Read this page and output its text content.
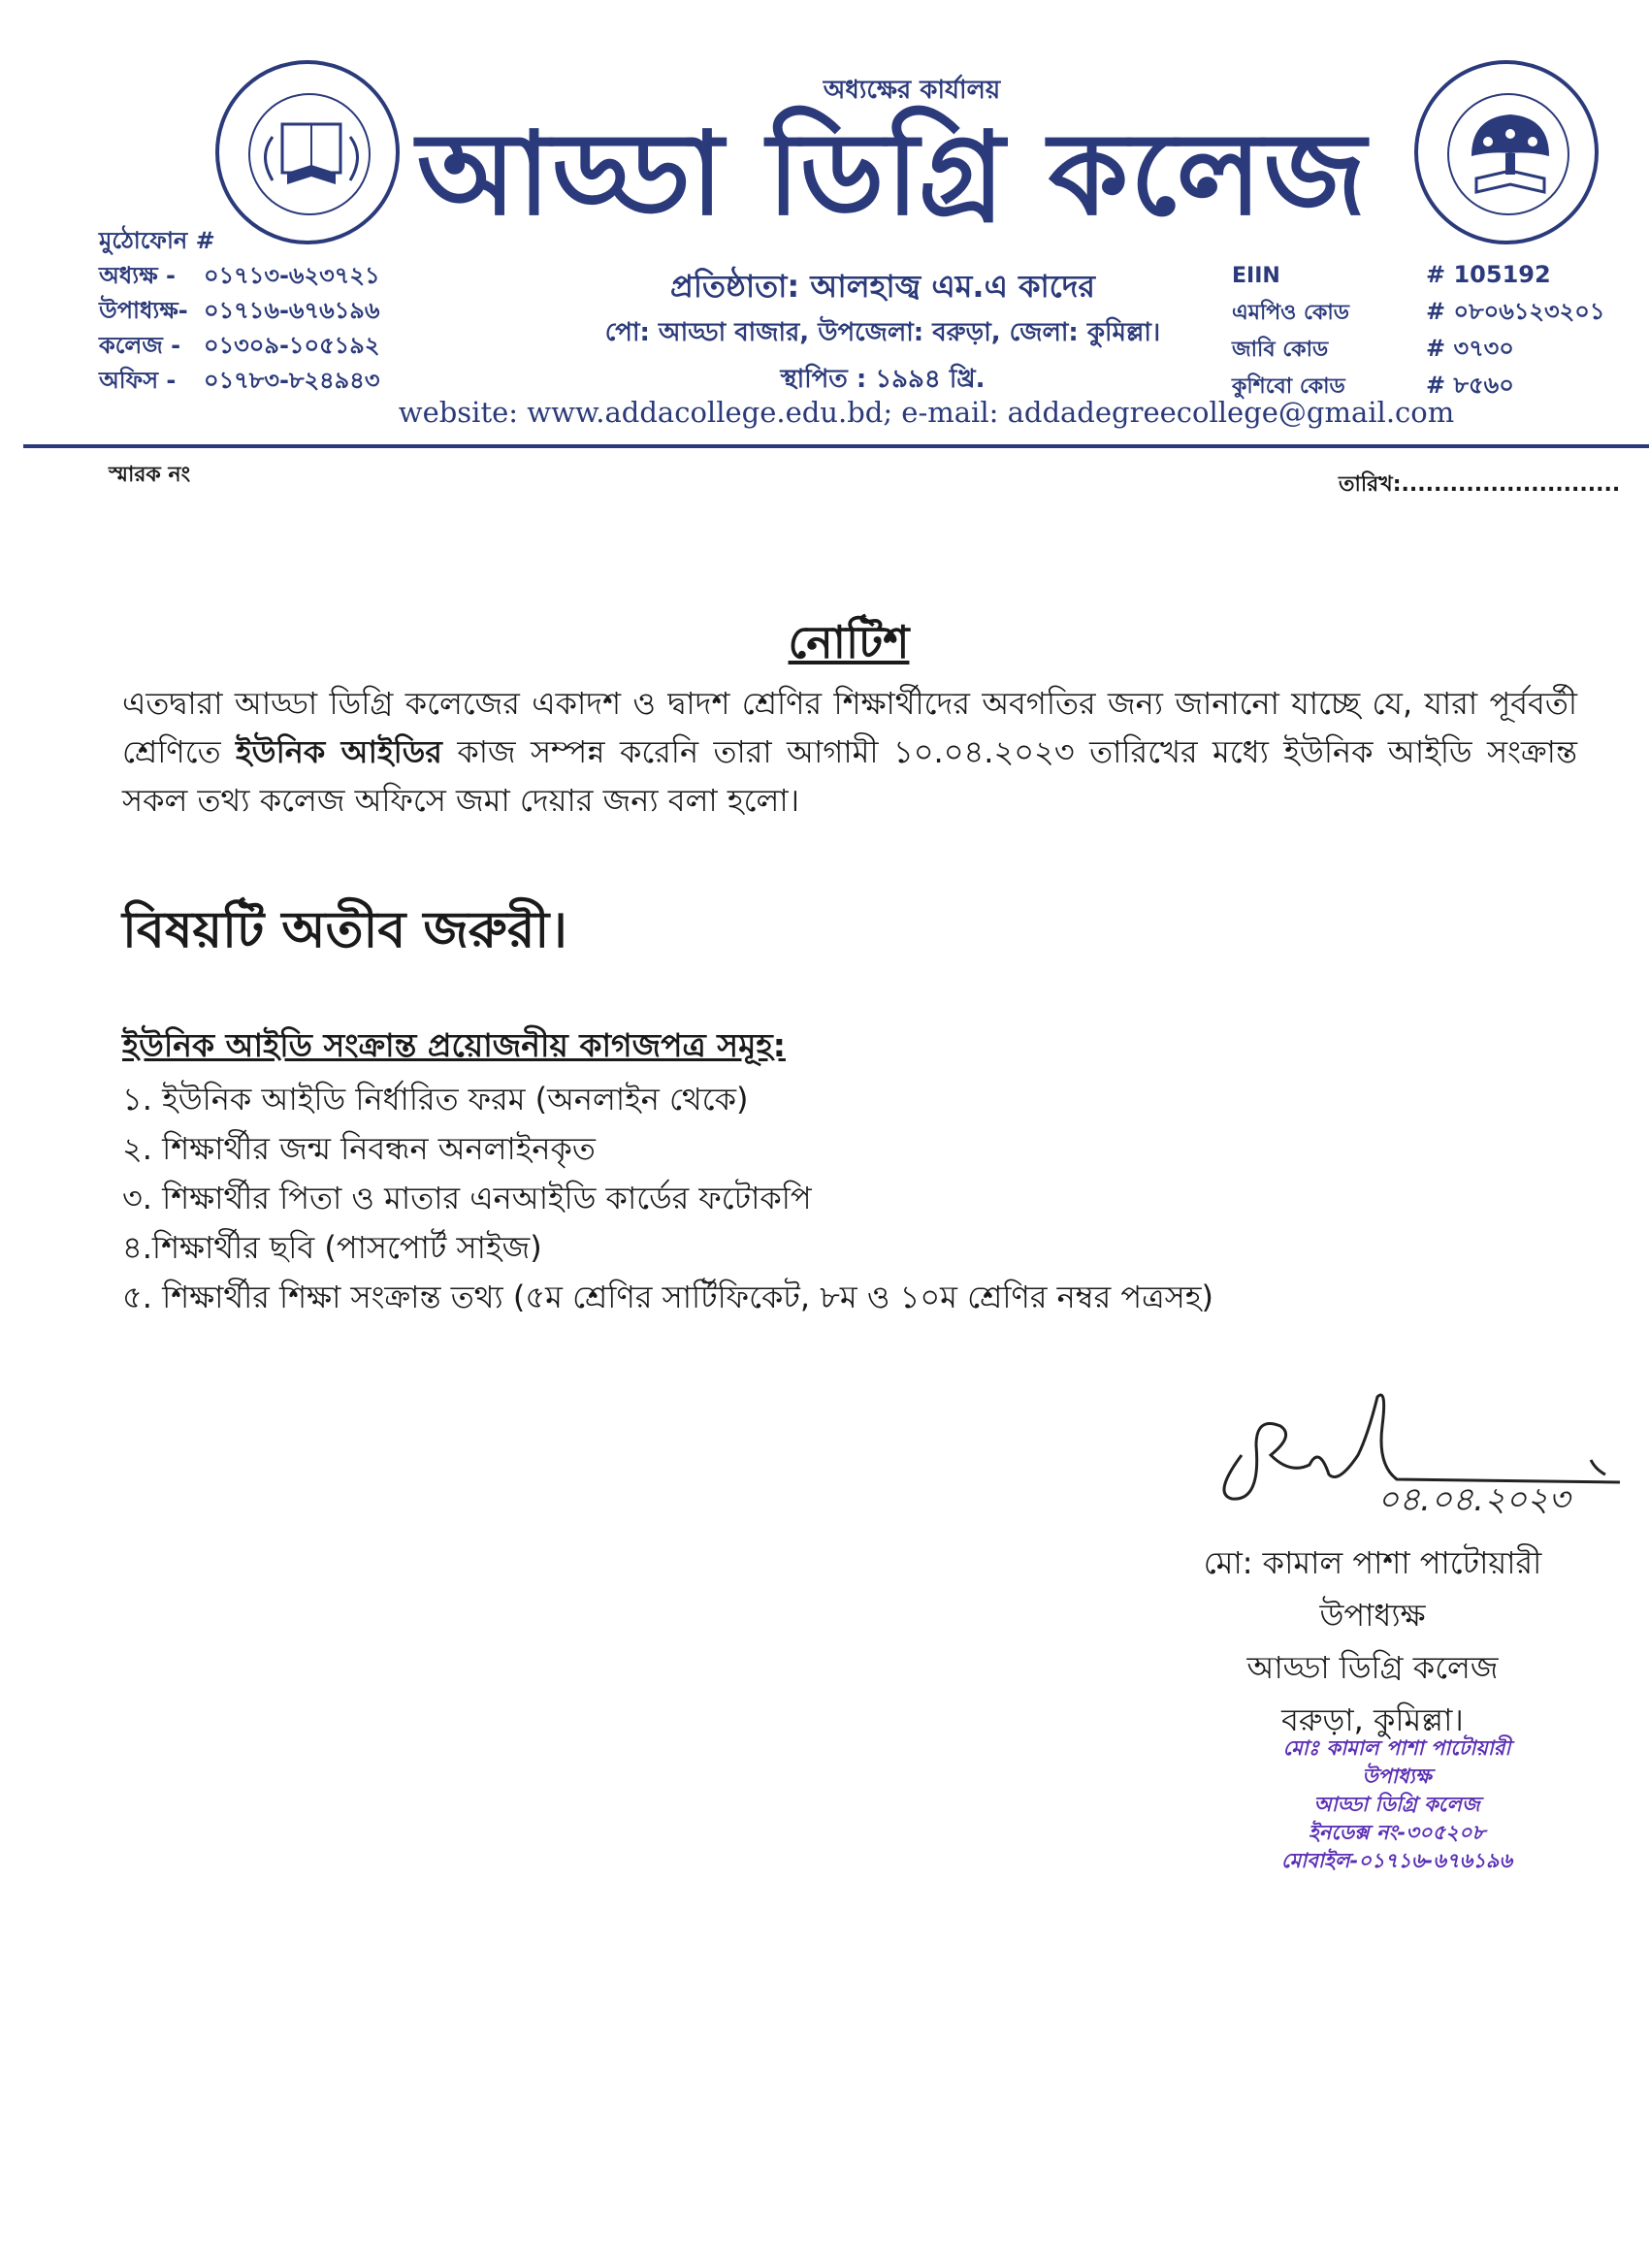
অধ্যক্ষের কার্যালয়
আড্ডা ডিগ্রি কলেজ
প্রতিষ্ঠাতা: আলহাজ্ব এম.এ কাদের
পো: আড্ডা বাজার, উপজেলা: বরুড়া, জেলা: কুমিল্লা।
স্থাপিত : ১৯৯৪ খ্রি.
website: www.addacollege.edu.bd; e-mail: addadegreecollege@gmail.com
মুঠোফোন #
অধ্যক্ষ - ০১৭১৩-৬২৩৭২১
উপাধ্যক্ষ- ০১৭১৬-৬৭৬১৯৬
কলেজ - ০১৩০৯-১০৫১৯২
অফিস - ০১৭৮৩-৮২৪৯৪৩
EIIN	# 105192
এমপিও কোড	# ০৮০৬১২৩২০১
জাবি কোড	# ৩৭৩০
কুশিবো কোড	# ৮৫৬০
স্মারক নং	তারিখ:...........................
নোটিশ
এতদ্বারা আড্ডা ডিগ্রি কলেজের একাদশ ও দ্বাদশ শ্রেণির শিক্ষার্থীদের অবগতির জন্য জানানো যাচ্ছে যে, যারা পূর্ববর্তী শ্রেণিতে ইউনিক আইডির কাজ সম্পন্ন করেনি তারা আগামী ১০.০৪.২০২৩ তারিখের মধ্যে ইউনিক আইডি সংক্রান্ত সকল তথ্য কলেজ অফিসে জমা দেয়ার জন্য বলা হলো।
বিষয়টি অতীব জরুরী।
ইউনিক আইডি সংক্রান্ত প্রয়োজনীয় কাগজপত্র সমূহ:
১. ইউনিক আইডি নির্ধারিত ফরম (অনলাইন থেকে)
২. শিক্ষার্থীর জন্ম নিবন্ধন অনলাইনকৃত
৩. শিক্ষার্থীর পিতা ও মাতার এনআইডি কার্ডের ফটোকপি
৪.শিক্ষার্থীর ছবি (পাসপোর্ট সাইজ)
৫. শিক্ষার্থীর শিক্ষা সংক্রান্ত তথ্য (৫ম শ্রেণির সার্টিফিকেট, ৮ম ও ১০ম শ্রেণির নম্বর পত্রসহ)
০৪.০৪.২০২৩
মো: কামাল পাশা পাটোয়ারী
উপাধ্যক্ষ
আড্ডা ডিগ্রি কলেজ
বরুড়া, কুমিল্লা।
মোঃ কামাল পাশা পাটোয়ারী
উপাধ্যক্ষ
আড্ডা ডিগ্রি কলেজ
ইনডেক্স নং-৩০৫২০৮
মোবাইল-০১৭১৬-৬৭৬১৯৬
